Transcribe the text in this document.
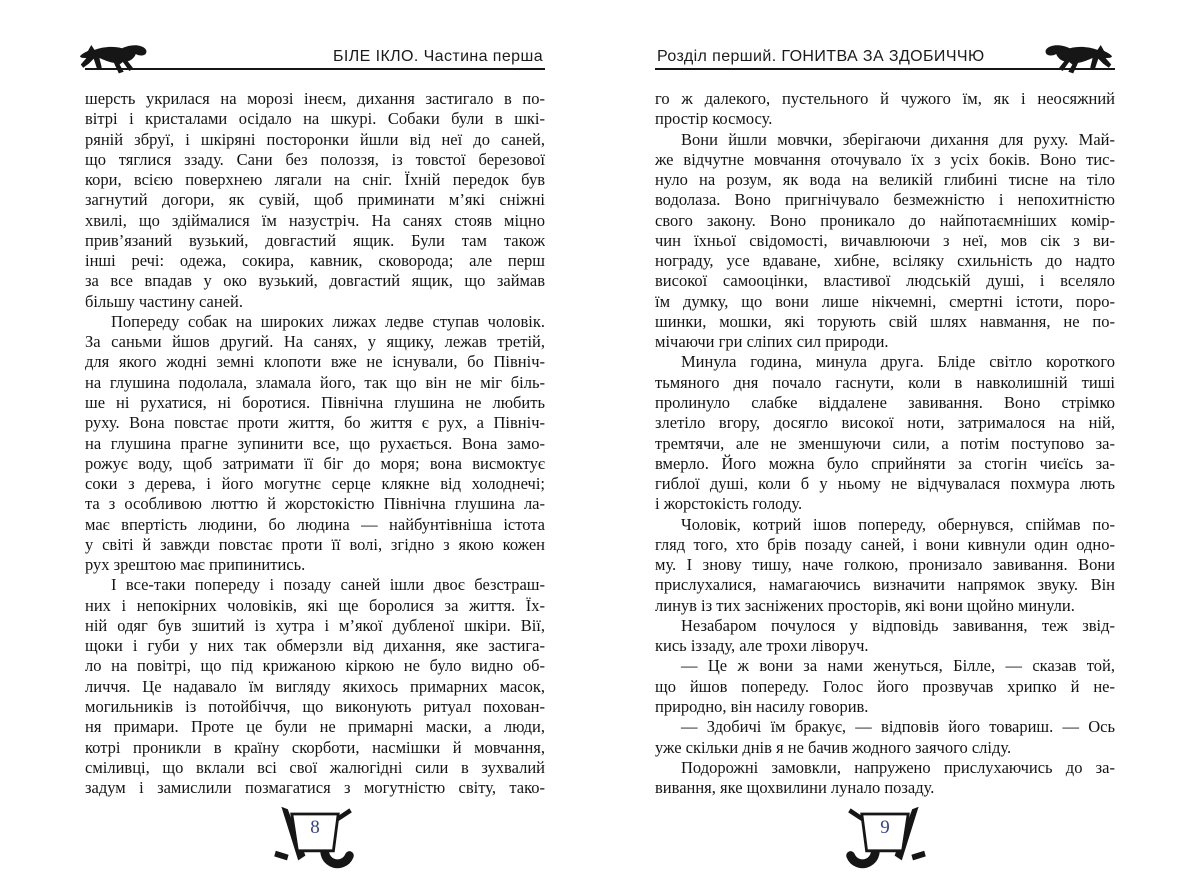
БІЛЕ ІКЛО. Частина перша
шерсть укрилася на морозі інеєм, дихання застигало в по-
вітрі і кристалами осідало на шкурі. Собаки були в шкі-
ряній збруї, і шкіряні посторонки йшли від неї до саней,
що тяглися ззаду. Сани без полоззя, із товстої березової
кори, всією поверхнею лягали на сніг. Їхній передок був
загнутий догори, як сувій, щоб приминати м’які сніжні
хвилі, що здіймалися їм назустріч. На санях стояв міцно
прив’язаний вузький, довгастий ящик. Були там також
інші речі: одежа, сокира, кавник, сковорода; але перш
за все впадав у око вузький, довгастий ящик, що займав
більшу частину саней.
Попереду собак на широких лижах ледве ступав чоловік.
За саньми йшов другий. На санях, у ящику, лежав третій,
для якого жодні земні клопоти вже не існували, бо Північ-
на глушина подолала, зламала його, так що він не міг біль-
ше ні рухатися, ні боротися. Північна глушина не любить
руху. Вона повстає проти життя, бо життя є рух, а Північ-
на глушина прагне зупинити все, що рухається. Вона замо-
рожує воду, щоб затримати її біг до моря; вона висмоктує
соки з дерева, і його могутнє серце клякне від холоднечі;
та з особливою люттю й жорстокістю Північна глушина ла-
має впертість людини, бо людина — найбунтівніша істота
у світі й завжди повстає проти її волі, згідно з якою кожен
рух зрештою має припинитись.
І все-таки попереду і позаду саней ішли двоє безстраш-
них і непокірних чоловіків, які ще боролися за життя. Їх-
ній одяг був зшитий із хутра і м’якої дубленої шкіри. Вії,
щоки і губи у них так обмерзли від дихання, яке застига-
ло на повітрі, що під крижаною кіркою не було видно об-
личчя. Це надавало їм вигляду якихось примарних масок,
могильників із потойбіччя, що виконують ритуал похован-
ня примари. Проте це були не примарні маски, а люди,
котрі проникли в країну скорботи, насмішки й мовчання,
сміливці, що вклали всі свої жалюгідні сили в зухвалий
задум і замислили позмагатися з могутністю світу, тако-
8
Розділ перший. ГОНИТВА ЗА ЗДОБИЧЧЮ
го ж далекого, пустельного й чужого їм, як і неосяжний
простір космосу.
Вони йшли мовчки, зберігаючи дихання для руху. Май-
же відчутне мовчання оточувало їх з усіх боків. Воно тис-
нуло на розум, як вода на великій глибині тисне на тіло
водолаза. Воно пригнічувало безмежністю і непохитністю
свого закону. Воно проникало до найпотаємніших комір-
чин їхньої свідомості, вичавлюючи з неї, мов сік з ви-
нограду, усе вдаване, хибне, всіляку схильність до надто
високої самооцінки, властивої людській душі, і вселяло
їм думку, що вони лише нікчемні, смертні істоти, поро-
шинки, мошки, які торують свій шлях навмання, не по-
мічаючи гри сліпих сил природи.
Минула година, минула друга. Бліде світло короткого
тьмяного дня почало гаснути, коли в навколишній тиші
пролинуло слабке віддалене завивання. Воно стрімко
злетіло вгору, досягло високої ноти, затрималося на ній,
тремтячи, але не зменшуючи сили, а потім поступово за-
вмерло. Його можна було сприйняти за стогін чиєїсь за-
гиблої душі, коли б у ньому не відчувалася похмура лють
і жорстокість голоду.
Чоловік, котрий ішов попереду, обернувся, спіймав по-
гляд того, хто брів позаду саней, і вони кивнули один одно-
му. І знову тишу, наче голкою, пронизало завивання. Вони
прислухалися, намагаючись визначити напрямок звуку. Він
линув із тих засніжених просторів, які вони щойно минули.
Незабаром почулося у відповідь завивання, теж звід-
кись іззаду, але трохи ліворуч.
— Це ж вони за нами женуться, Білле, — сказав той,
що йшов попереду. Голос його прозвучав хрипко й не-
природно, він насилу говорив.
— Здобичі їм бракує, — відповів його товариш. — Ось
уже скільки днів я не бачив жодного заячого сліду.
Подорожні замовкли, напружено прислухаючись до за-
вивання, яке щохвилини лунало позаду.
9
